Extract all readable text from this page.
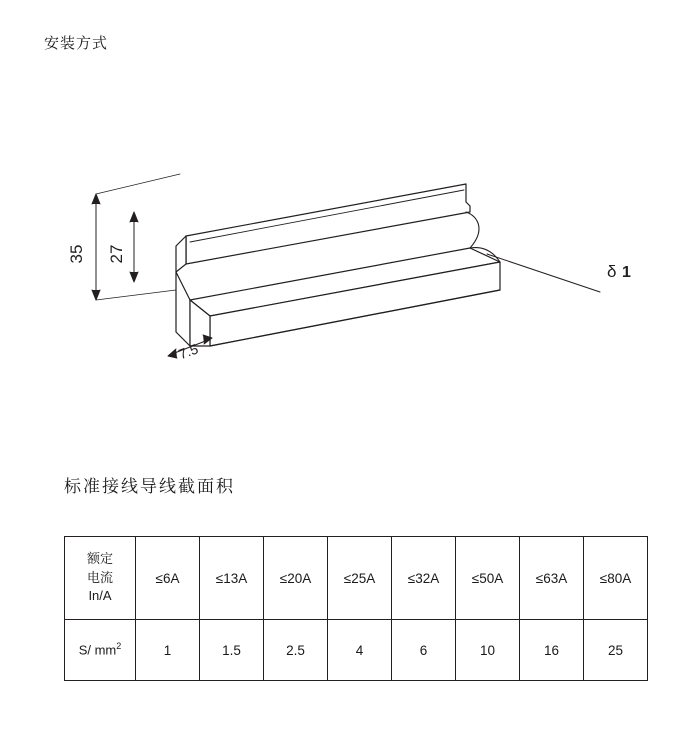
安装方式
35 27
7.5
δ 1
标准接线导线截面积
额定
电流
In/A	≤6A	≤13A	≤20A	≤25A	≤32A	≤50A	≤63A	≤80A
S/ $mm^2$	1	1.5	2.5	4	6	10	16	25
